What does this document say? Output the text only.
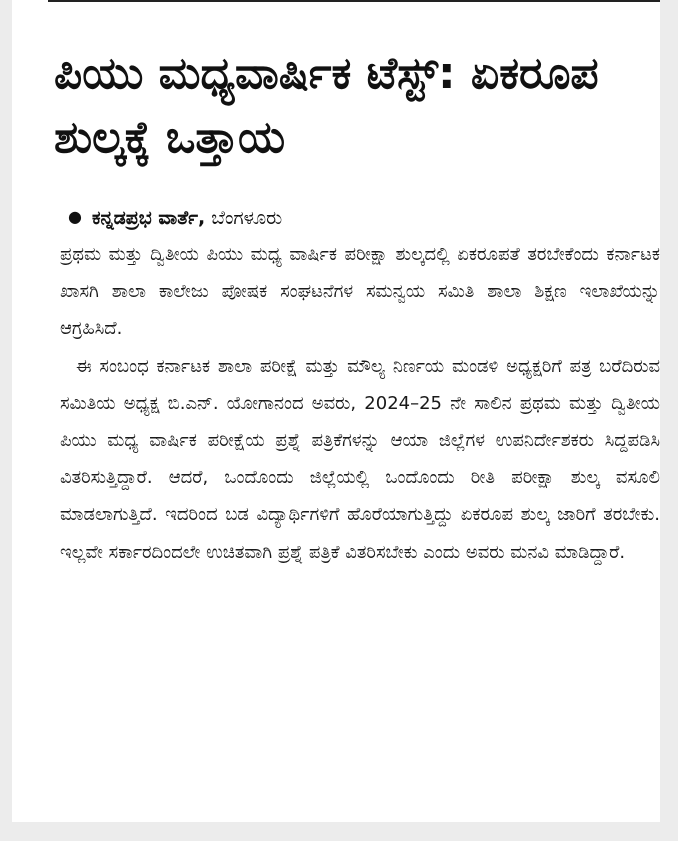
ಪಿಯು ಮಧ್ಯವಾರ್ಷಿಕ ಟೆಸ್ಟ್: ಏಕರೂಪ ಶುಲ್ಕಕ್ಕೆ ಒತ್ತಾಯ
● ಕನ್ನಡಪ್ರಭ ವಾರ್ತೆ, ಬೆಂಗಳೂರು

ಪ್ರಥಮ ಮತ್ತು ದ್ವಿತೀಯ ಪಿಯು ಮಧ್ಯ ವಾರ್ಷಿಕ ಪರೀಕ್ಷಾ ಶುಲ್ಕದಲ್ಲಿ ಏಕರೂಪತೆ ತರಬೇಕೆಂದು ಕರ್ನಾಟಕ ಖಾಸಗಿ ಶಾಲಾ ಕಾಲೇಜು ಪೋಷಕ ಸಂಘಟನೆಗಳ ಸಮನ್ವಯ ಸಮಿತಿ ಶಾಲಾ ಶಿಕ್ಷಣ ಇಲಾಖೆಯನ್ನು ಆಗ್ರಹಿಸಿದೆ.

ಈ ಸಂಬಂಧ ಕರ್ನಾಟಕ ಶಾಲಾ ಪರೀಕ್ಷೆ ಮತ್ತು ಮೌಲ್ಯ ನಿರ್ಣಯ ಮಂಡಳಿ ಅಧ್ಯಕ್ಷರಿಗೆ ಪತ್ರ ಬರೆದಿರುವ ಸಮಿತಿಯ ಅಧ್ಯಕ್ಷ ಬಿ.ಎನ್. ಯೋಗಾನಂದ ಅವರು, 2024–25 ನೇ ಸಾಲಿನ ಪ್ರಥಮ ಮತ್ತು ದ್ವಿತೀಯ ಪಿಯು ಮಧ್ಯ ವಾರ್ಷಿಕ ಪರೀಕ್ಷೆಯ ಪ್ರಶ್ನೆ ಪತ್ರಿಕೆಗಳನ್ನು ಆಯಾ ಜಿಲ್ಲೆಗಳ ಉಪನಿರ್ದೇಶಕರು ಸಿದ್ದಪಡಿಸಿ ವಿತರಿಸುತ್ತಿದ್ದಾರೆ. ಆದರೆ, ಒಂದೊಂದು ಜಿಲ್ಲೆಯಲ್ಲಿ ಒಂದೊಂದು ರೀತಿ ಪರೀಕ್ಷಾ ಶುಲ್ಕ ವಸೂಲಿ ಮಾಡಲಾಗುತ್ತಿದೆ. ಇದರಿಂದ ಬಡ ವಿದ್ಯಾರ್ಥಿಗಳಿಗೆ ಹೊರೆಯಾಗುತ್ತಿದ್ದು ಏಕರೂಪ ಶುಲ್ಕ ಜಾರಿಗೆ ತರಬೇಕು. ಇಲ್ಲವೇ ಸರ್ಕಾರದಿಂದಲೇ ಉಚಿತವಾಗಿ ಪ್ರಶ್ನೆ ಪತ್ರಿಕೆ ವಿತರಿಸಬೇಕು ಎಂದು ಅವರು ಮನವಿ ಮಾಡಿದ್ದಾರೆ.
